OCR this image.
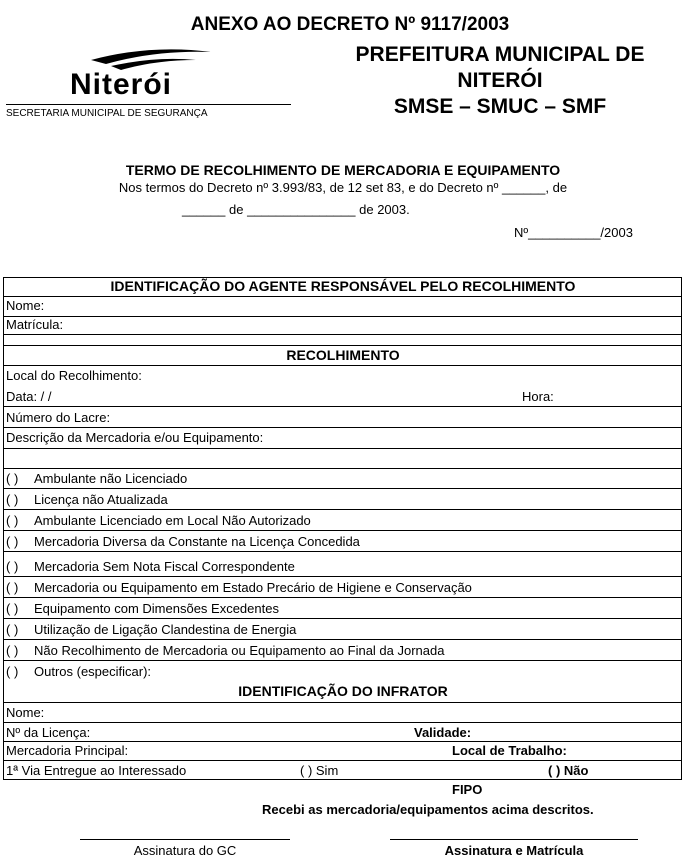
ANEXO AO DECRETO Nº 9117/2003
Niterói
SECRETARIA MUNICIPAL DE SEGURANÇA
PREFEITURA MUNICIPAL DE
NITERÓI
SMSE – SMUC – SMF
TERMO DE RECOLHIMENTO DE MERCADORIA E EQUIPAMENTO
Nos termos do Decreto nº 3.993/83, de 12 set 83, e do Decreto nº ______, de
______ de _______________ de 2003.
Nº__________/2003
IDENTIFICAÇÃO DO AGENTE RESPONSÁVEL PELO RECOLHIMENTO
Nome:
Matrícula:
RECOLHIMENTO
Local do Recolhimento:
Data: / /	Hora:
Número do Lacre:
Descrição da Mercadoria e/ou Equipamento:
( ) Ambulante não Licenciado
( ) Licença não Atualizada
( ) Ambulante Licenciado em Local Não Autorizado
( ) Mercadoria Diversa da Constante na Licença Concedida
( ) Mercadoria Sem Nota Fiscal Correspondente
( ) Mercadoria ou Equipamento em Estado Precário de Higiene e Conservação
( ) Equipamento com Dimensões Excedentes
( ) Utilização de Ligação Clandestina de Energia
( ) Não Recolhimento de Mercadoria ou Equipamento ao Final da Jornada
( ) Outros (especificar):
IDENTIFICAÇÃO DO INFRATOR
Nome:
Nº da Licença:	Validade:
Mercadoria Principal:	Local de Trabalho:
1ª Via Entregue ao Interessado	( ) Sim	( ) Não
FIPO
Recebi as mercadoria/equipamentos acima descritos.
Assinatura do GC	Assinatura e Matrícula
